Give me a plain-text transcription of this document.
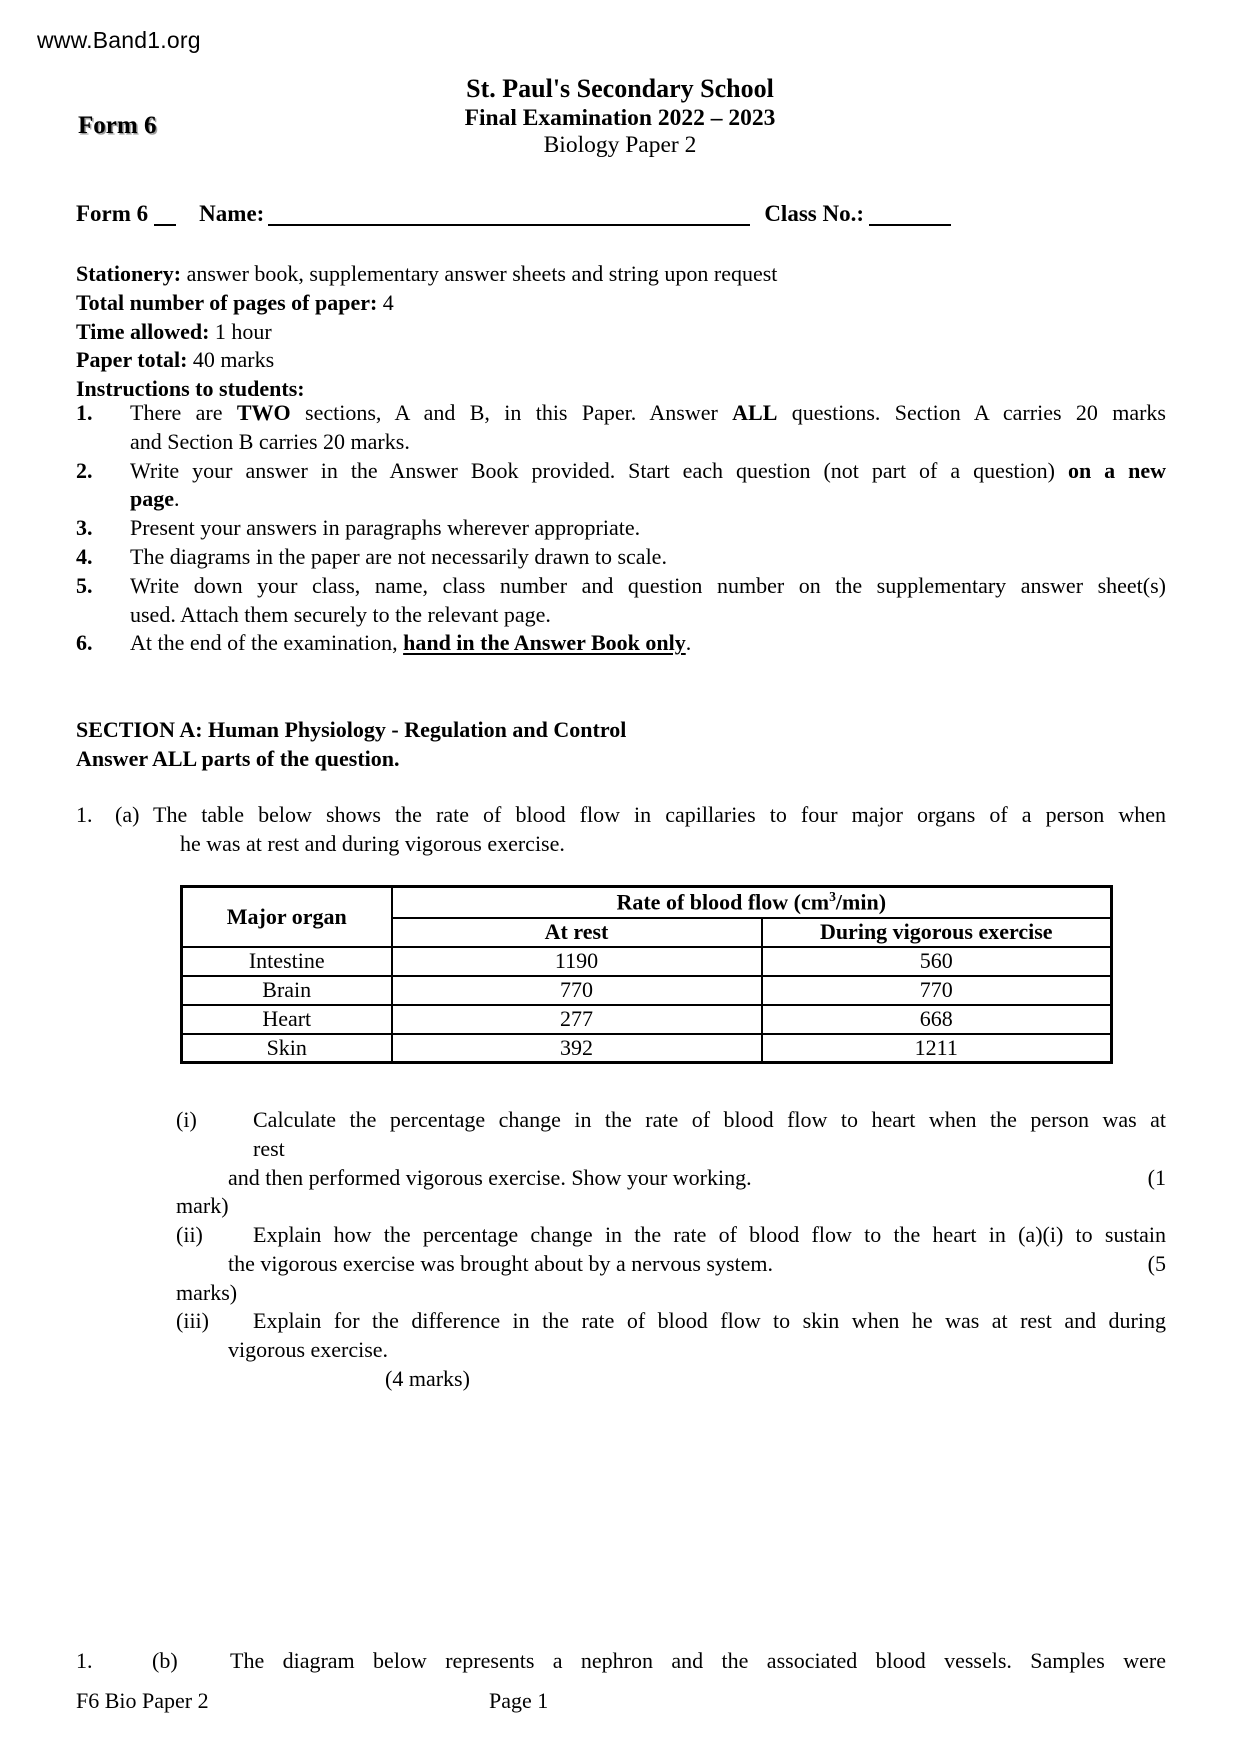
www.Band1.org
St. Paul's Secondary School
Final Examination 2022 – 2023
Biology Paper 2
Form 6
Form 6 Name:	Class No.:
Stationery: answer book, supplementary answer sheets and string upon request
Total number of pages of paper: 4
Time allowed: 1 hour
Paper total: 40 marks
Instructions to students:
1. There are TWO sections, A and B, in this Paper. Answer ALL questions. Section A carries 20 marks
and Section B carries 20 marks.
2. Write your answer in the Answer Book provided. Start each question (not part of a question) on a new
page.
3. Present your answers in paragraphs wherever appropriate.
4. The diagrams in the paper are not necessarily drawn to scale.
5. Write down your class, name, class number and question number on the supplementary answer sheet(s)
used. Attach them securely to the relevant page.
6. At the end of the examination, hand in the Answer Book only.
SECTION A: Human Physiology - Regulation and Control
Answer ALL parts of the question.
1. (a) The table below shows the rate of blood flow in capillaries to four major organs of a person when
he was at rest and during vigorous exercise.
Major organ	Rate of blood flow $(cm^3/\min)$	
	At rest	During vigorous exercise
Intestine	1190	560
Brain	770	770
Heart	277	668
Skin	392	1211
(i)	Calculate the percentage change in the rate of blood flow to heart when the person was at
rest
and then performed vigorous exercise. Show your working.	(1
mark)
(ii) Explain how the percentage change in the rate of blood flow to the heart in (a)(i) to sustain
the vigorous exercise was brought about by a nervous system.	(5
marks)
(iii) Explain for the difference in the rate of blood flow to skin when he was at rest and during
vigorous exercise.
(4 marks)
1.	(b) The diagram below represents a nephron and the associated blood vessels. Samples were
F6 Bio Paper 2	Page 1
